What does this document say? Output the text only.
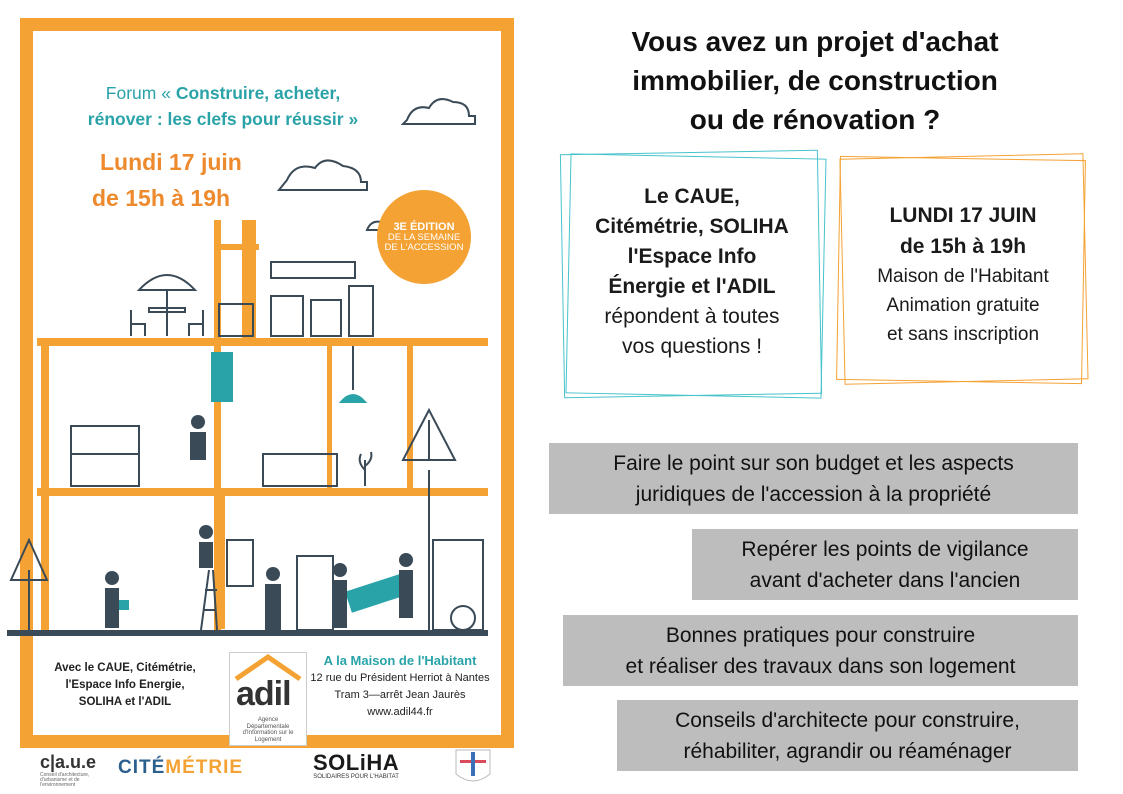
Forum « Construire, acheter,
rénover : les clefs pour réussir »

Lundi 17 juin
de 15h à 19h
3E ÉDITION
DE LA SEMAINE
DE L'ACCESSION
Avec le CAUE, Citémétrie,
l'Espace Info Energie,
SOLIHA et l'ADIL	adil
Agence Départementale d'Information sur le Logement
A la Maison de l'Habitant
12 rue du Président Herriot à Nantes
Tram 3—arrêt Jean Jaurès
www.adil44.fr
c|a.u.e
Conseil d'architecture, d'urbanisme et de l'environnement
CITÉMÉTRIE	SOLiHA
SOLIDAIRES POUR L'HABITAT
Vous avez un projet d'achat
immobilier, de construction
ou de rénovation ?
Le CAUE,
Citémétrie, SOLIHA
l'Espace Info
Énergie et l'ADIL
répondent à toutes
vos questions !
LUNDI 17 JUIN
de 15h à 19h
Maison de l'Habitant
Animation gratuite
et sans inscription
Faire le point sur son budget et les aspects
juridiques de l'accession à la propriété
Repérer les points de vigilance
avant d'acheter dans l'ancien
Bonnes pratiques pour construire
et réaliser des travaux dans son logement
Conseils d'architecte pour construire,
réhabiliter, agrandir ou réaménager
